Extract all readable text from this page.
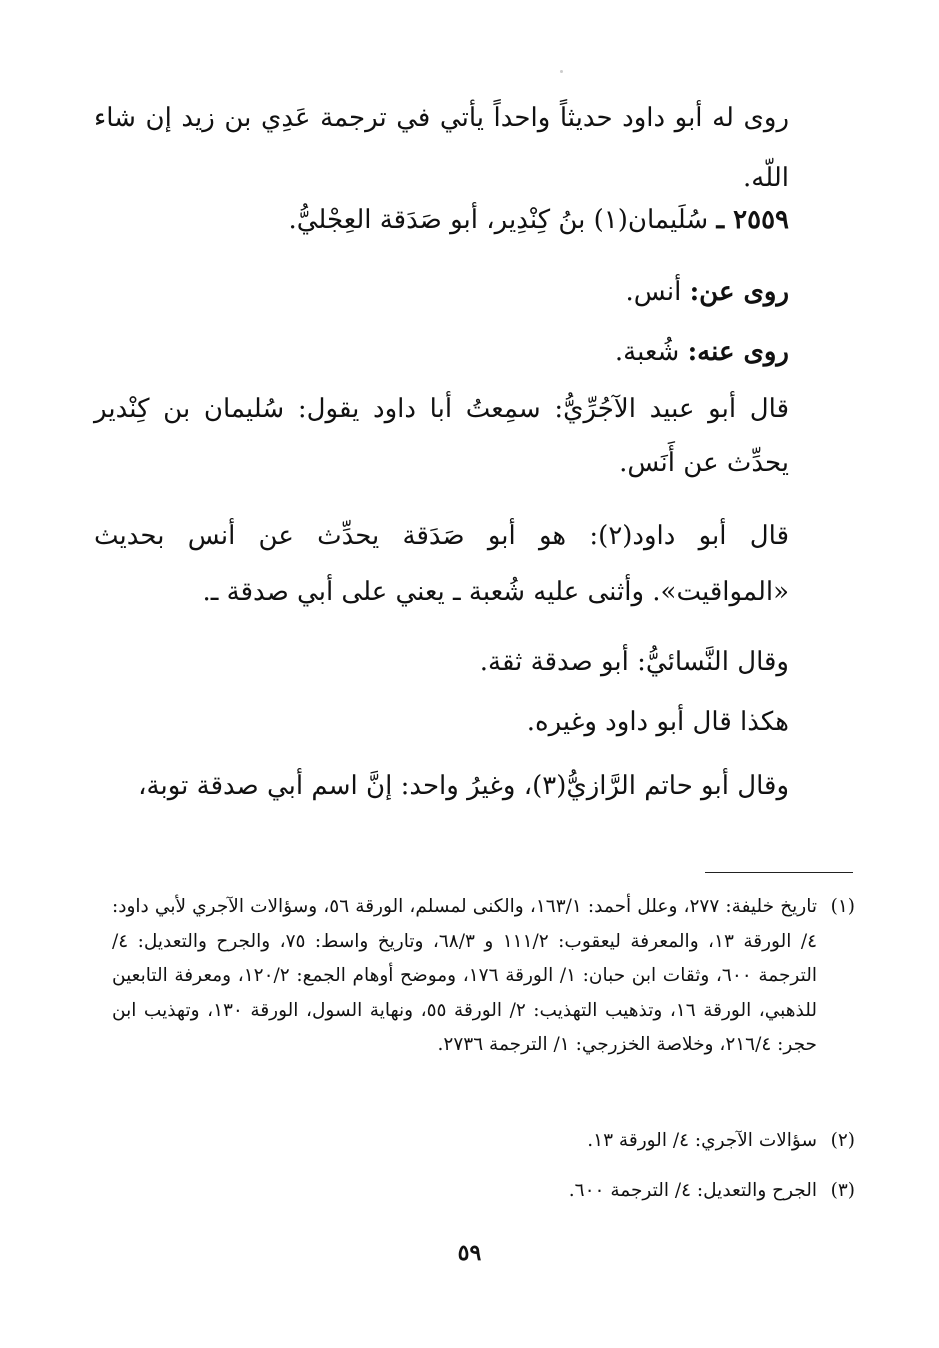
روى له أبو داود حديثاً واحداً يأتي في ترجمة عَدِي بن زيد إن شاء اللّه.
٢٥٥٩ ـ سُلَيمان(١) بنُ كِنْدِير، أبو صَدَقة العِجْليُّ.
روى عن: أنس.
روى عنه: شُعبة.
قال أبو عبيد الآجُرِّيُّ: سمِعتُ أبا داود يقول: سُليمان بن كِنْدير يحدِّث عن أَنَس.
قال أبو داود(٢): هو أبو صَدَقة يحدِّث عن أنس بحديث «المواقيت». وأثنى عليه شُعبة ـ يعني على أبي صدقة ـ.
وقال النَّسائيُّ: أبو صدقة ثقة.
هكذا قال أبو داود وغيره.
وقال أبو حاتم الرَّازيُّ(٣)، وغيرُ واحد: إنَّ اسم أبي صدقة توبة،
(١)
تاريخ خليفة: ٢٧٧، وعلل أحمد: ١٦٣/١، والكنى لمسلم، الورقة ٥٦، وسؤالات الآجري لأبي داود: ٤/ الورقة ١٣، والمعرفة ليعقوب: ١١١/٢ و ٦٨/٣، وتاريخ واسط: ٧٥، والجرح والتعديل: ٤/ الترجمة ٦٠٠، وثقات ابن حبان: ١/ الورقة ١٧٦، وموضح أوهام الجمع: ١٢٠/٢، ومعرفة التابعين للذهبي، الورقة ١٦، وتذهيب التهذيب: ٢/ الورقة ٥٥، ونهاية السول، الورقة ١٣٠، وتهذيب ابن حجر: ٢١٦/٤، وخلاصة الخزرجي: ١/ الترجمة ٢٧٣٦.
(٢)
سؤالات الآجري: ٤/ الورقة ١٣.
(٣)
الجرح والتعديل: ٤/ الترجمة ٦٠٠.
٥٩
